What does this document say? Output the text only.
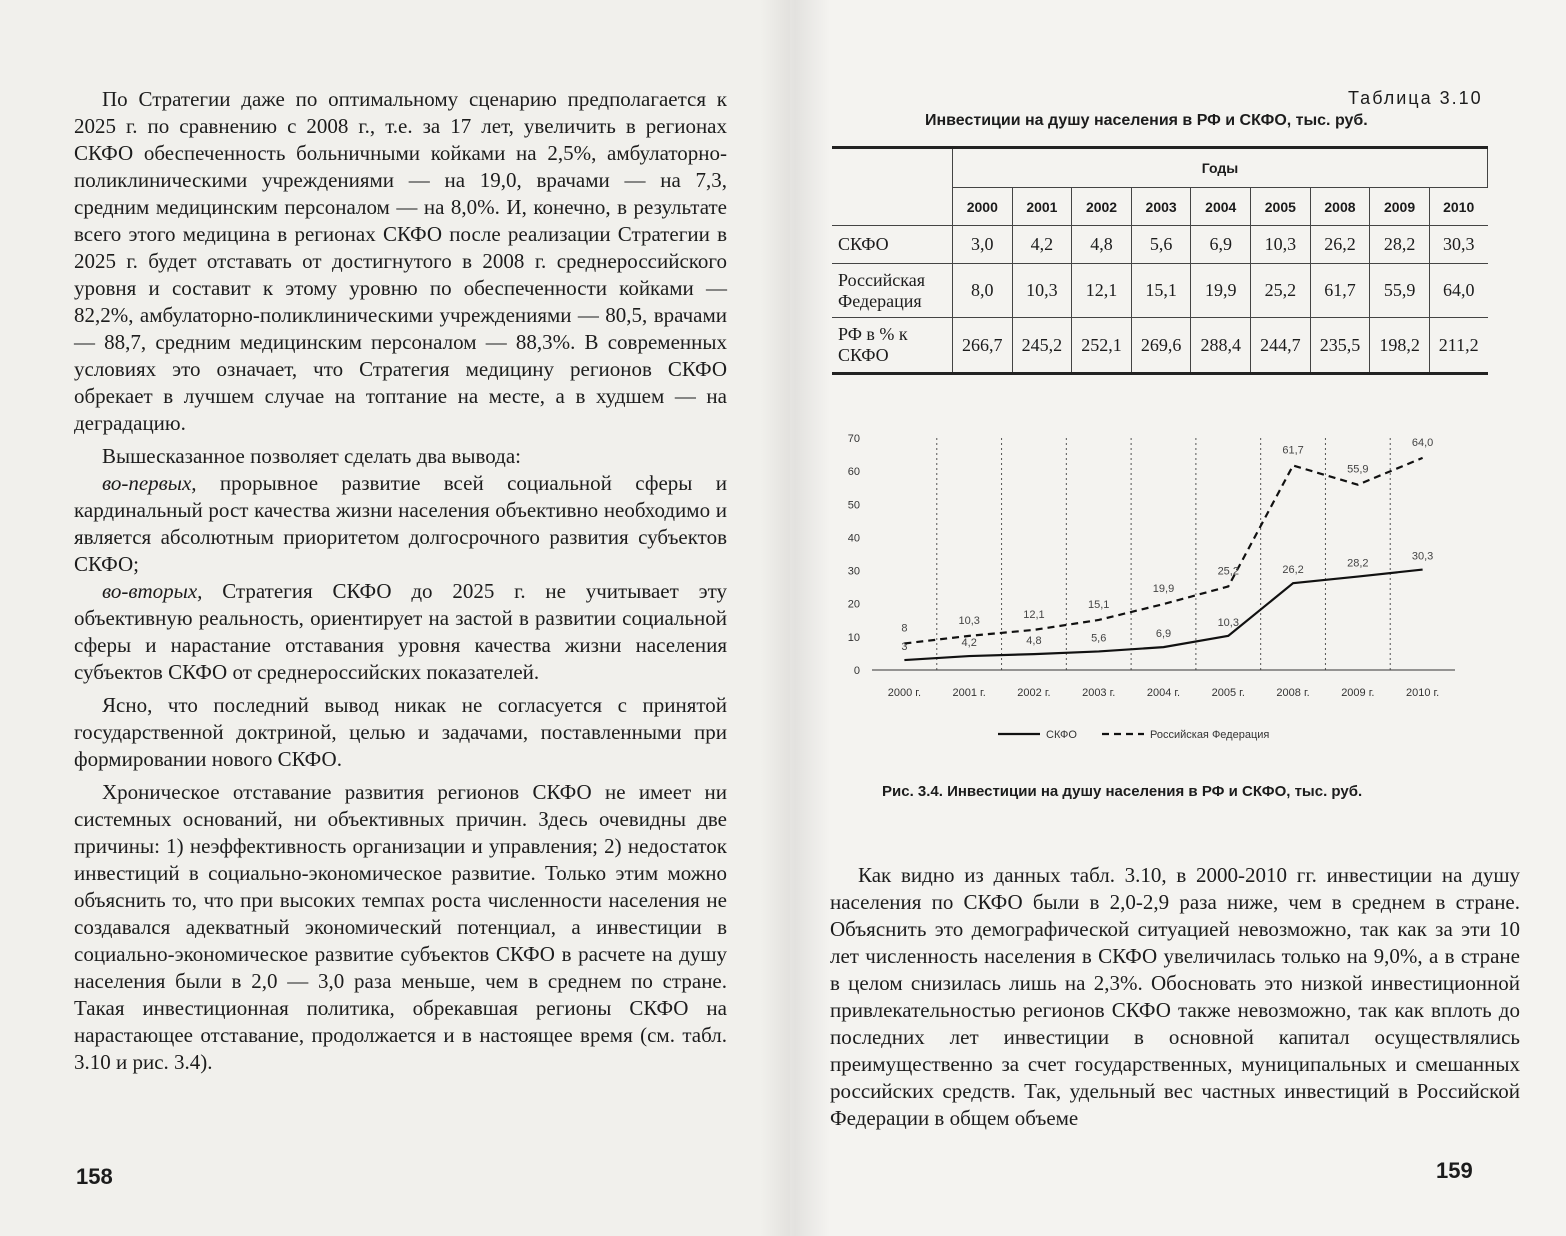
По Стратегии даже по оптимальному сценарию предполагается к 2025 г. по сравнению с 2008 г., т.е. за 17 лет, увеличить в регионах СКФО обеспеченность больничными койками на 2,5%, амбулаторно-поликлиническими учреждениями — на 19,0, врачами — на 7,3, средним медицинским персоналом — на 8,0%. И, конечно, в результате всего этого медицина в регионах СКФО после реализации Стратегии в 2025 г. будет отставать от достигнутого в 2008 г. среднероссийского уровня и составит к этому уровню по обеспеченности койками — 82,2%, амбулаторно-поликлиническими учреждениями — 80,5, врачами — 88,7, средним медицинским персоналом — 88,3%. В современных условиях это означает, что Стратегия медицину регионов СКФО обрекает в лучшем случае на топтание на месте, а в худшем — на деградацию.

Вышесказанное позволяет сделать два вывода:

во-первых, прорывное развитие всей социальной сферы и кардинальный рост качества жизни населения объективно необходимо и является абсолютным приоритетом долгосрочного развития субъектов СКФО;

во-вторых, Стратегия СКФО до 2025 г. не учитывает эту объективную реальность, ориентирует на застой в развитии социальной сферы и нарастание отставания уровня качества жизни населения субъектов СКФО от среднероссийских показателей.

Ясно, что последний вывод никак не согласуется с принятой государственной доктриной, целью и задачами, поставленными при формировании нового СКФО.

Хроническое отставание развития регионов СКФО не имеет ни системных оснований, ни объективных причин. Здесь очевидны две причины: 1) неэффективность организации и управления; 2) недостаток инвестиций в социально-экономическое развитие. Только этим можно объяснить то, что при высоких темпах роста численности населения не создавался адекватный экономический потенциал, а инвестиции в социально-экономическое развитие субъектов СКФО в расчете на душу населения были в 2,0 — 3,0 раза меньше, чем в среднем по стране. Такая инвестиционная политика, обрекавшая регионы СКФО на нарастающее отставание, продолжается и в настоящее время (см. табл. 3.10 и рис. 3.4).

158
Таблица 3.10
Инвестиции на душу населения в РФ и СКФО, тыс. руб.
	Годы								
	2000	2001	2002	2003	2004	2005	2008	2009	2010
СКФО	3,0	4,2	4,8	5,6	6,9	10,3	26,2	28,2	30,3
Российская Федерация	8,0	10,3	12,1	15,1	19,9	25,2	61,7	55,9	64,0
РФ в % к СКФО	266,7	245,2	252,1	269,6	288,4	244,7	235,5	198,2	211,2
0
10
20
30
40
50
60
70
2000 г.	2001 г.	2002 г.	2003 г.	2004 г.	2005 г.	2008 г.	2009 г.	2010 г.
3	4,2	4,8	5,6	6,9
10,3
26,2
28,2
30,3
8
10,3	12,1
15,1
19,9
25,2
61,7
55,9
64,0
СКФО	Российская Федерация
Рис. 3.4. Инвестиции на душу населения в РФ и СКФО, тыс. руб.

Как видно из данных табл. 3.10, в 2000-2010 гг. инвестиции на душу населения по СКФО были в 2,0-2,9 раза ниже, чем в среднем в стране. Объяснить это демографической ситуацией невозможно, так как за эти 10 лет численность населения в СКФО увеличилась только на 9,0%, а в стране в целом снизилась лишь на 2,3%. Обосновать это низкой инвестиционной привлекательностью регионов СКФО также невозможно, так как вплоть до последних лет инвестиции в основной капитал осуществлялись преимущественно за счет государственных, муниципальных и смешанных российских средств. Так, удельный вес частных инвестиций в Российской Федерации в общем объеме

159
